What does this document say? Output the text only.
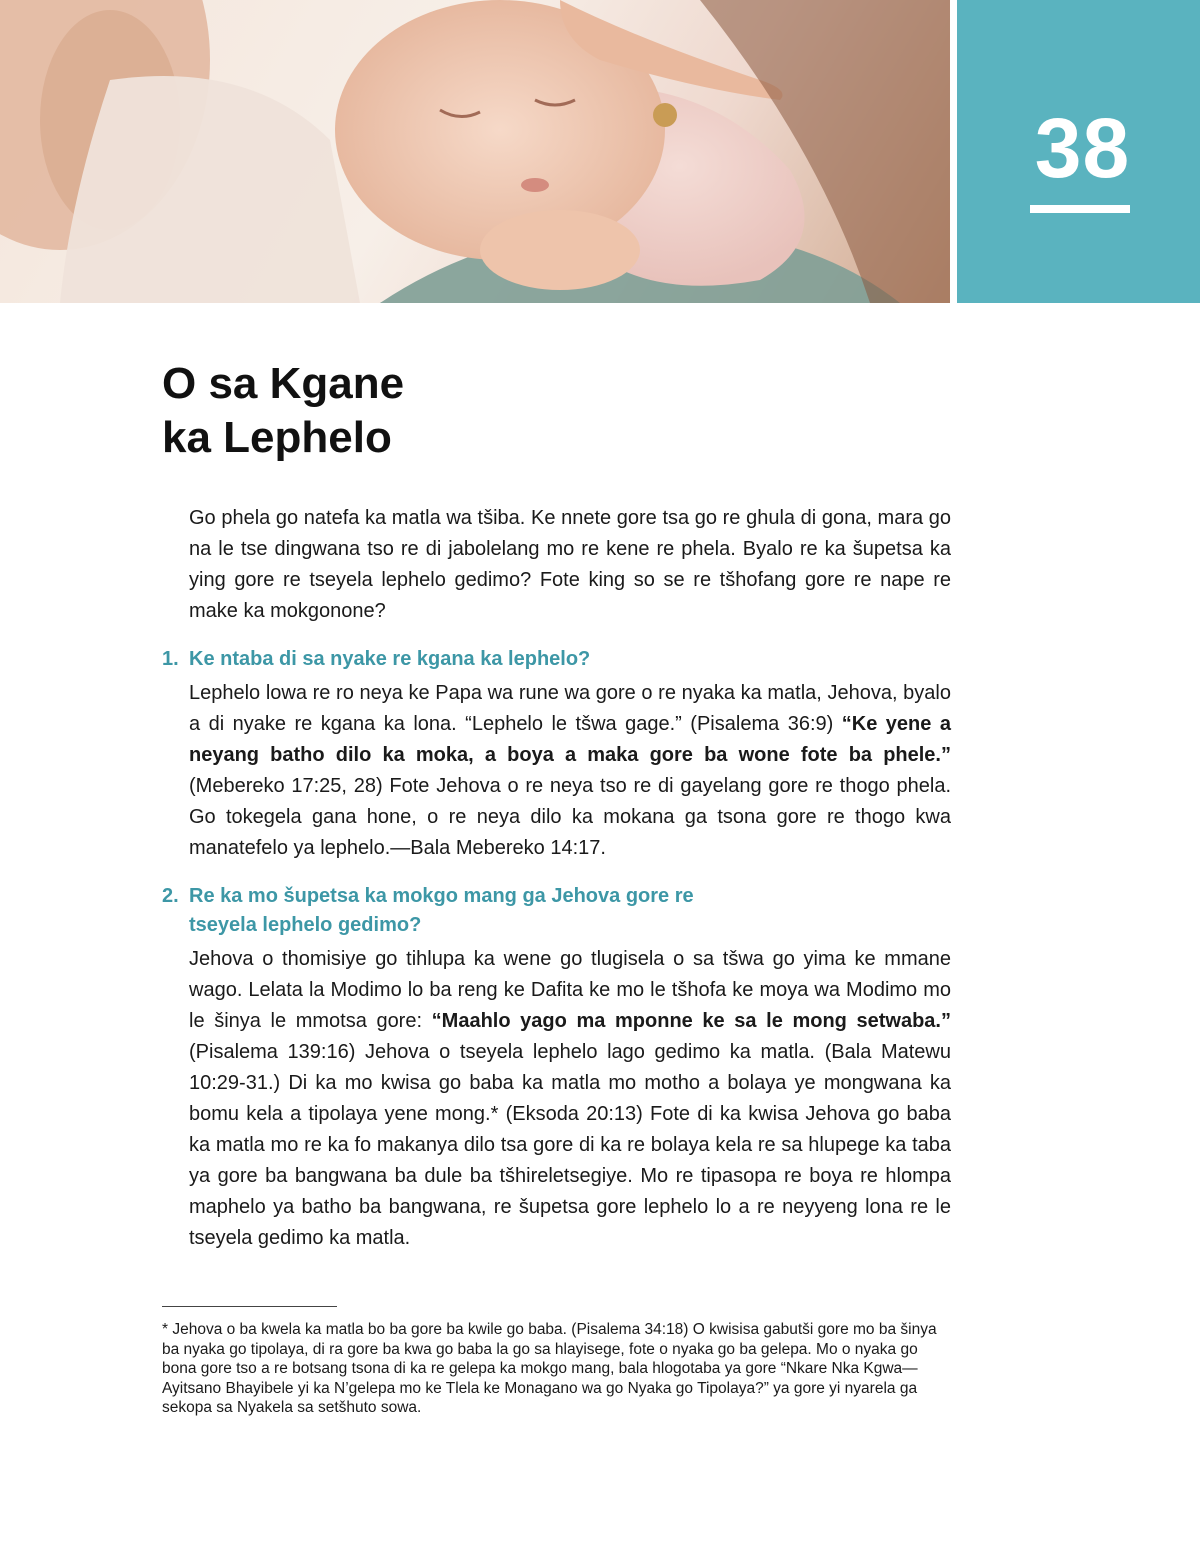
38
O sa Kgane
ka Lephelo

Go phela go natefa ka matla wa tšiba. Ke nnete gore tsa go re ghula di gona, mara go na le tse dingwana tso re di jabolelang mo re kene re phela. Byalo re ka šupetsa ka ying gore re tseyela lephelo gedimo? Fote king so se re tšhofang gore re nape re make ka mokgonone?

1. Ke ntaba di sa nyake re kgana ka lephelo?

Lephelo lowa re ro neya ke Papa wa rune wa gore o re nyaka ka matla, Jehova, byalo a di nyake re kgana ka lona. “Lephelo le tšwa gage.” (Pisalema 36:9) “Ke yene a neyang batho dilo ka moka, a boya a maka gore ba wone fote ba phele.” (Mebereko 17:25, 28) Fote Jehova o re neya tso re di gayelang gore re thogo phela. Go tokegela gana hone, o re neya dilo ka mokana ga tsona gore re thogo kwa manatefelo ya lephelo.—Bala Mebereko 14:17.

2. Re ka mo šupetsa ka mokgo mang ga Jehova gore re
tseyela lephelo gedimo?

Jehova o thomisiye go tihlupa ka wene go tlugisela o sa tšwa go yima ke mmane wago. Lelata la Modimo lo ba reng ke Dafita ke mo le tšhofa ke moya wa Modimo mo le šinya le mmotsa gore: “Maahlo yago ma mponne ke sa le mong setwaba.” (Pisalema 139:16) Jehova o tseyela lephelo lago gedimo ka matla. (Bala Matewu 10:29-31.) Di ka mo kwisa go baba ka matla mo motho a bolaya ye mongwana ka bomu kela a tipolaya yene mong.* (Eksoda 20:13) Fote di ka kwisa Jehova go baba ka matla mo re ka fo makanya dilo tsa gore di ka re bolaya kela re sa hlupege ka taba ya gore ba bangwana ba dule ba tšhireletsegiye. Mo re tipasopa re boya re hlompa maphelo ya batho ba bangwana, re šupetsa gore lephelo lo a re neyyeng lona re le tseyela gedimo ka matla.

* Jehova o ba kwela ka matla bo ba gore ba kwile go baba. (Pisalema 34:18) O kwisisa gabutši gore mo ba šinya ba nyaka go tipolaya, di ra gore ba kwa go baba la go sa hlayisege, fote o nyaka go ba gelepa. Mo o nyaka go bona gore tso a re botsang tsona di ka re gelepa ka mokgo mang, bala hlogotaba ya gore “Nkare Nka Kgwa—Ayitsano Bhayibele yi ka N’gelepa mo ke Tlela ke Monagano wa go Nyaka go Tipolaya?” ya gore yi nyarela ga sekopa sa Nyakela sa setšhuto sowa.
